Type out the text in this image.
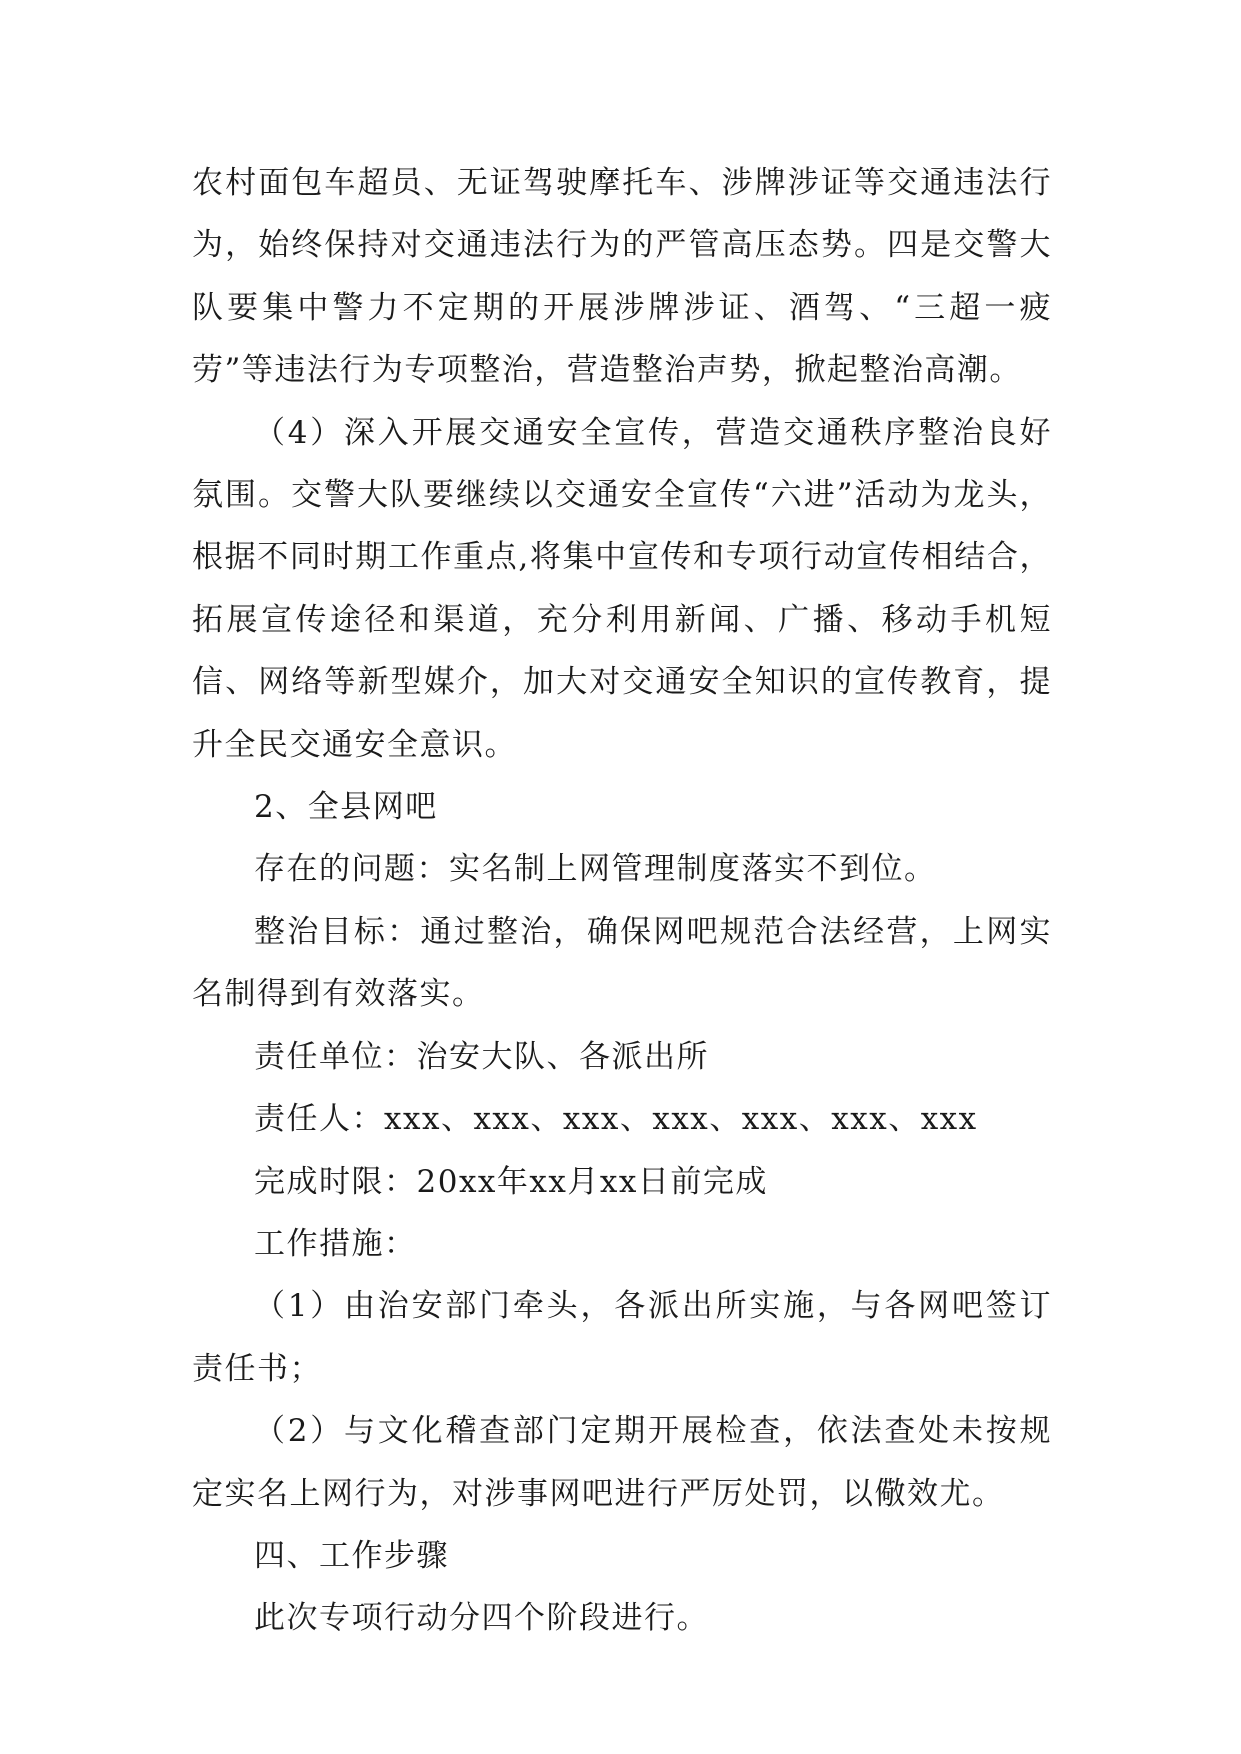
农村面包车超员、无证驾驶摩托车、涉牌涉证等交通违法行为，始终保持对交通违法行为的严管高压态势。四是交警大队要集中警力不定期的开展涉牌涉证、酒驾、“三超一疲劳”等违法行为专项整治，营造整治声势，掀起整治高潮。

（4）深入开展交通安全宣传，营造交通秩序整治良好氛围。交警大队要继续以交通安全宣传“六进”活动为龙头，根据不同时期工作重点,将集中宣传和专项行动宣传相结合，拓展宣传途径和渠道，充分利用新闻、广播、移动手机短信、网络等新型媒介，加大对交通安全知识的宣传教育，提升全民交通安全意识。

2、全县网吧

存在的问题：实名制上网管理制度落实不到位。

整治目标：通过整治，确保网吧规范合法经营，上网实名制得到有效落实。

责任单位：治安大队、各派出所

责任人：xxx、xxx、xxx、xxx、xxx、xxx、xxx

完成时限：20xx年xx月xx日前完成

工作措施：

（1）由治安部门牵头，各派出所实施，与各网吧签订责任书；

（2）与文化稽查部门定期开展检查，依法查处未按规定实名上网行为，对涉事网吧进行严厉处罚，以儆效尤。

四、工作步骤

此次专项行动分四个阶段进行。
